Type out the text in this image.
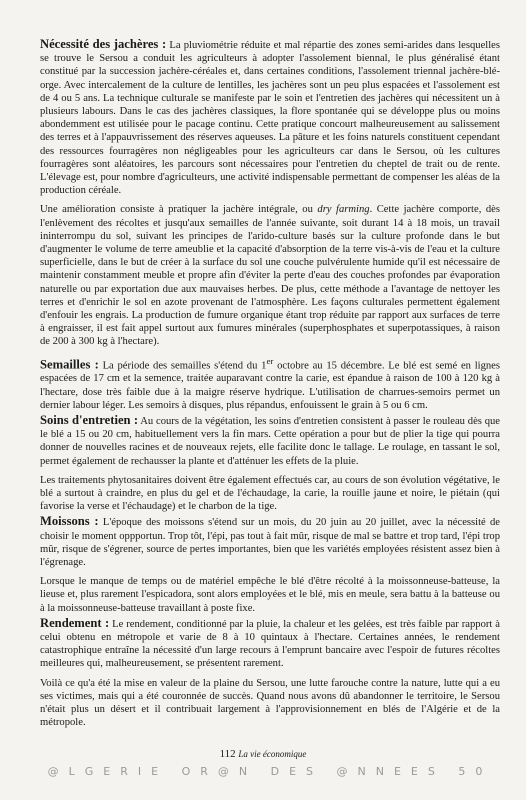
Nécessité des jachères : La pluviométrie réduite et mal répartie des zones semi-arides dans lesquelles se trouve le Sersou a conduit les agriculteurs à adopter l'assolement biennal, le plus généralisé étant constitué par la succession jachère-céréales et, dans certaines conditions, l'assolement triennal jachère-blé-orge. Avec intercalement de la culture de lentilles, les jachères sont un peu plus espacées et l'assolement est de 4 ou 5 ans. La technique culturale se manifeste par le soin et l'entretien des jachères qui nécessitent un à plusieurs labours. Dans le cas des jachères classiques, la flore spontanée qui se développe plus ou moins abondemment est utilisée pour le pacage continu. Cette pratique concourt malheureusement au salissement des terres et à l'appauvrissement des réserves aqueuses. La pâture et les foins naturels constituent cependant des ressources fourragères non négligeables pour les agriculteurs car dans le Sersou, où les cultures fourragères sont aléatoires, les parcours sont nécessaires pour l'entretien du cheptel de trait ou de rente. L'élevage est, pour nombre d'agriculteurs, une activité indispensable permettant de compenser les aléas de la production céréale.

Une amélioration consiste à pratiquer la jachère intégrale, ou dry farming. Cette jachère comporte, dès l'enlèvement des récoltes et jusqu'aux semailles de l'année suivante, soit durant 14 à 18 mois, un travail ininterrompu du sol, suivant les principes de l'arido-culture basés sur la culture profonde dans le but d'augmenter le volume de terre ameublie et la capacité d'absorption de la terre vis-à-vis de l'eau et la culture superficielle, dans le but de créer à la surface du sol une couche pulvérulente humide qu'il est nécessaire de maintenir constamment meuble et propre afin d'éviter la perte d'eau des couches profondes par évaporation naturelle ou par exportation due aux mauvaises herbes. De plus, cette méthode a l'avantage de nettoyer les terres et d'enrichir le sol en azote provenant de l'atmosphère. Les façons culturales permettent également d'enfouir les engrais. La production de fumure organique étant trop réduite par rapport aux surfaces de terre à engraisser, il est fait appel surtout aux fumures minérales (superphosphates et superpotassiques, à raison de 200 à 300 kg à l'hectare).

Semailles : La période des semailles s'étend du 1er octobre au 15 décembre. Le blé est semé en lignes espacées de 17 cm et la semence, traitée auparavant contre la carie, est épandue à raison de 100 à 120 kg à l'hectare, dose très faible due à la maigre réserve hydrique. L'utilisation de charrues-semoirs permet un dernier labour léger. Les semoirs à disques, plus répandus, enfouissent le grain à 5 ou 6 cm.

Soins d'entretien : Au cours de la végétation, les soins d'entretien consistent à passer le rouleau dès que le blé a 15 ou 20 cm, habituellement vers la fin mars. Cette opération a pour but de plier la tige qui pourra donner de nouvelles racines et de nouveaux rejets, elle facilite donc le tallage. Le roulage, en tassant le sol, permet également de rechausser la plante et d'atténuer les effets de la pluie.

Les traitements phytosanitaires doivent être également effectués car, au cours de son évolution végétative, le blé a surtout à craindre, en plus du gel et de l'échaudage, la carie, la rouille jaune et noire, le piétain (qui favorise la verse et l'échaudage) et le charbon de la tige.

Moissons : L'époque des moissons s'étend sur un mois, du 20 juin au 20 juillet, avec la nécessité de choisir le moment oppportun. Trop tôt, l'épi, pas tout à fait mûr, risque de mal se battre et trop tard, l'épi trop mûr, risque de s'égrener, source de pertes importantes, bien que les variétés employées résistent assez bien à l'égrenage.

Lorsque le manque de temps ou de matériel empêche le blé d'être récolté à la moissonneuse-batteuse, la lieuse et, plus rarement l'espicadora, sont alors employées et le blé, mis en meule, sera battu à la batteuse ou à la moissonneuse-batteuse travaillant à poste fixe.

Rendement : Le rendement, conditionné par la pluie, la chaleur et les gelées, est très faible par rapport à celui obtenu en métropole et varie de 8 à 10 quintaux à l'hectare. Certaines années, le rendement catastrophique entraîne la nécessité d'un large recours à l'emprunt bancaire avec l'espoir de futures récoltes meilleures qui, malheureusement, se présentent rarement.

Voilà ce qu'a été la mise en valeur de la plaine du Sersou, une lutte farouche contre la nature, lutte qui a eu ses victimes, mais qui a été couronnée de succès. Quand nous avons dû abandonner le territoire, le Sersou n'était plus un désert et il contribuait largement à l'approvisionnement en blés de l'Algérie et de la métropole.

112 La vie économique
@LGERIE OR@N DES @NNEES 50
